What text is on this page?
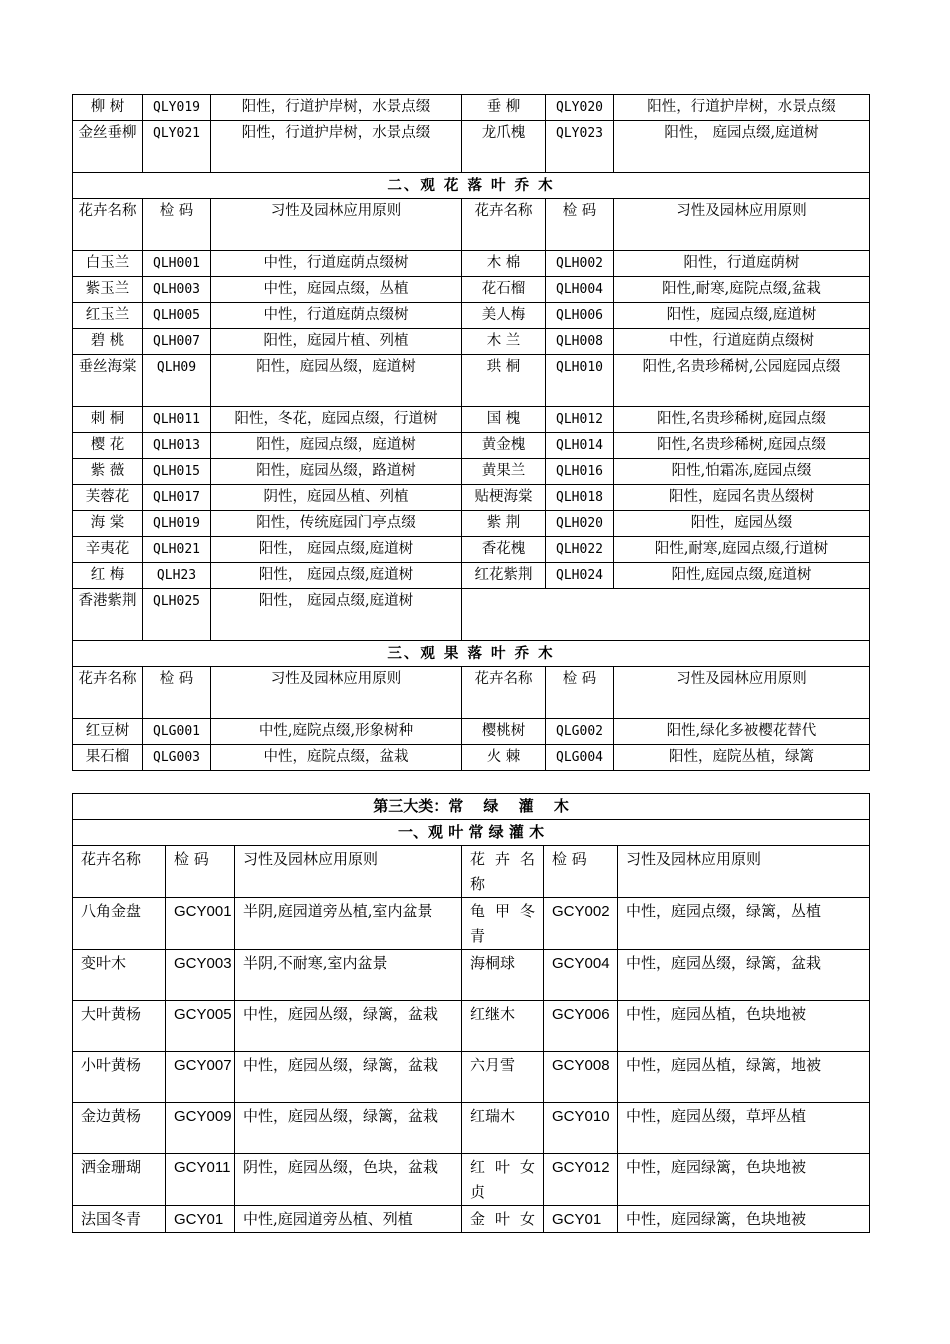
柳 树	QLY019	阳性，行道护岸树，水景点缀	垂 柳	QLY020	阳性，行道护岸树，水景点缀
金丝垂柳	QLY021	阳性，行道护岸树，水景点缀	龙爪槐	QLY023	阳性， 庭园点缀,庭道树
二、观 花 落 叶 乔 木					
花卉名称	检 码	习性及园林应用原则	花卉名称	检 码	习性及园林应用原则
白玉兰	QLH001	中性，行道庭荫点缀树	木 棉	QLH002	阳性，行道庭荫树
紫玉兰	QLH003	中性，庭园点缀，丛植	花石榴	QLH004	阳性,耐寒,庭院点缀,盆栽
红玉兰	QLH005	中性，行道庭荫点缀树	美人梅	QLH006	阳性，庭园点缀,庭道树
碧 桃	QLH007	阳性，庭园片植、列植	木 兰	QLH008	中性，行道庭荫点缀树
垂丝海棠	QLH09	阳性，庭园丛缀，庭道树	珙 桐	QLH010	阳性,名贵珍稀树,公园庭园点缀
刺 桐	QLH011	阳性，冬花，庭园点缀，行道树	国 槐	QLH012	阳性,名贵珍稀树,庭园点缀
樱 花	QLH013	阳性，庭园点缀，庭道树	黄金槐	QLH014	阳性,名贵珍稀树,庭园点缀
紫 薇	QLH015	阳性，庭园丛缀，路道树	黄果兰	QLH016	阳性,怕霜冻,庭园点缀
芙蓉花	QLH017	阴性，庭园丛植、列植	贴梗海棠	QLH018	阳性，庭园名贵丛缀树
海 棠	QLH019	阳性，传统庭园门亭点缀	紫 荆	QLH020	阳性，庭园丛缀
辛夷花	QLH021	阳性， 庭园点缀,庭道树	香花槐	QLH022	阳性,耐寒,庭园点缀,行道树
红 梅	QLH23	阳性， 庭园点缀,庭道树	红花紫荆	QLH024	阳性,庭园点缀,庭道树
香港紫荆	QLH025	阳性， 庭园点缀,庭道树			
三、观 果 落 叶 乔 木					
花卉名称	检 码	习性及园林应用原则	花卉名称	检 码	习性及园林应用原则
红豆树	QLG001	中性,庭院点缀,形象树种	樱桃树	QLG002	阳性,绿化多被樱花替代
果石榴	QLG003	中性，庭院点缀，盆栽	火 棘	QLG004	阳性，庭院丛植，绿篱
第三大类：常　 绿　 灌　 木					
一、观 叶 常 绿 灌 木					
花卉名称	检 码	习性及园林应用原则	花 卉 名称	检 码	习性及园林应用原则
八角金盘	GCY001	半阴,庭园道旁丛植,室内盆景	龟 甲 冬青	GCY002	中性，庭园点缀，绿篱，丛植
变叶木	GCY003	半阴,不耐寒,室内盆景	海桐球	GCY004	中性，庭园丛缀，绿篱，盆栽
大叶黄杨	GCY005	中性，庭园丛缀，绿篱，盆栽	红继木	GCY006	中性，庭园丛植，色块地被
小叶黄杨	GCY007	中性，庭园丛缀，绿篱，盆栽	六月雪	GCY008	中性，庭园丛植，绿篱，地被
金边黄杨	GCY009	中性，庭园丛缀，绿篱，盆栽	红瑞木	GCY010	中性，庭园丛缀，草坪丛植
洒金珊瑚	GCY011	阴性，庭园丛缀，色块，盆栽	红 叶 女贞	GCY012	中性，庭园绿篱，色块地被
法国冬青	GCY01	中性,庭园道旁丛植、列植	金 叶 女	GCY01	中性，庭园绿篱，色块地被
